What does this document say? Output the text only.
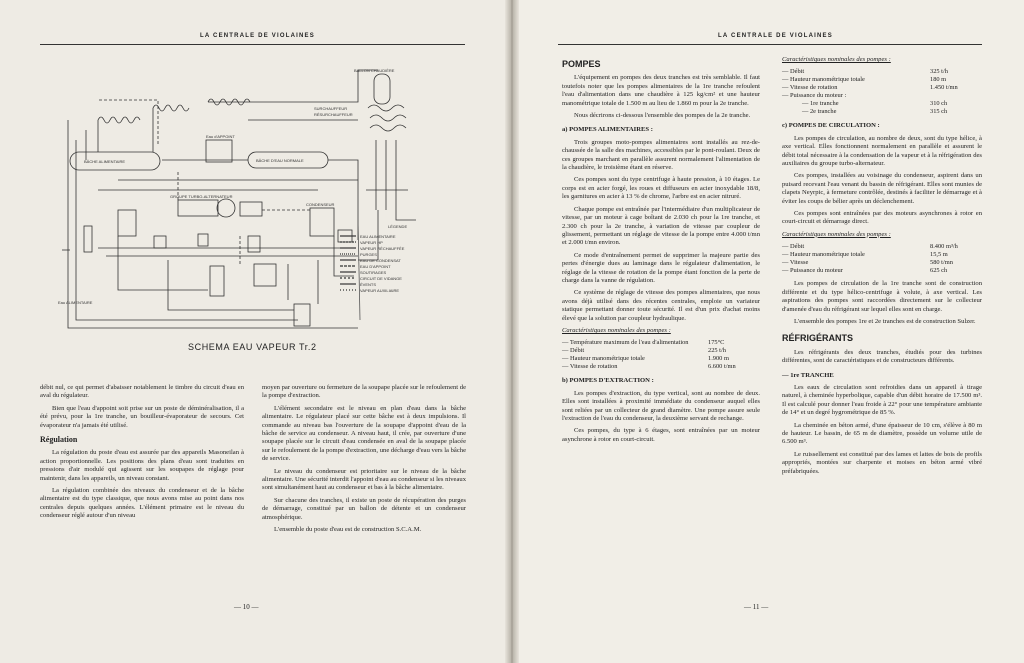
LA CENTRALE DE VIOLAINES
BALLON CHAUDIÈRE
SURCHAUFFEUR
RÉSURCHAUFFEUR
BÂCHE ALIMENTAIRE	BÂCHE D'EAU NORMALE
Eau d'APPOINT
GROUPE TURBO-ALTERNATEUR
CONDENSEUR
Eau ALIMENTAIRE
LÉGENDE
EAU ALIMENTAIRE
VAPEUR HP
VAPEUR RÉCHAUFFÉE
PURGES
EAU DE CONDENSAT
EAU D'APPOINT
SOUTIRAGES
CIRCUIT DE VIDANGE
ÉVENTS
VAPEUR AUXILIAIRE
SCHEMA EAU VAPEUR Tr.2

débit nul, ce qui permet d'abaisser notablement le timbre du circuit d'eau en aval du régulateur.

Bien que l'eau d'appoint soit prise sur un poste de déminéralisation, il a été prévu, pour la 1re tranche, un bouilleur-évaporateur de secours. Cet évaporateur n'a jamais été utilisé.

Régulation

La régulation du poste d'eau est assurée par des appareils Masoneilan à action proportionnelle. Les positions des plans d'eau sont traduites en pressions d'air modulé qui agissent sur les soupapes de réglage pour maintenir, dans les appareils, un niveau constant.

La régulation combinée des niveaux du condenseur et de la bâche alimentaire est du type classique, que nous avons mise au point dans nos centrales depuis quelques années. L'élément primaire est le niveau du condenseur réglé autour d'un niveau

moyen par ouverture ou fermeture de la soupape placée sur le refoulement de la pompe d'extraction.

L'élément secondaire est le niveau en plan d'eau dans la bâche alimentaire. Le régulateur placé sur cette bâche est à deux impulsions. Il commande au niveau bas l'ouverture de la soupape d'appoint d'eau de la bâche de service au condenseur. A niveau haut, il crée, par ouverture d'une soupape placée sur le circuit d'eau condensée en aval de la soupape placée sur le refoulement de la pompe d'extraction, une décharge d'eau vers la bâche de service.

Le niveau du condenseur est prioritaire sur le niveau de la bâche alimentaire. Une sécurité interdit l'appoint d'eau au condenseur si les niveaux sont simultanément haut au condenseur et bas à la bâche alimentaire.

Sur chacune des tranches, il existe un poste de récupération des purges de démarrage, constitué par un ballon de détente et un condenseur atmosphérique.

L'ensemble du poste d'eau est de construction S.C.A.M.

— 10 —
LA CENTRALE DE VIOLAINES
POMPES

L'équipement en pompes des deux tranches est très semblable. Il faut toutefois noter que les pompes alimentaires de la 1re tranche refoulent l'eau d'alimentation dans une chaudière à 125 kg/cm² et une hauteur manométrique totale de 1.500 m au lieu de 1.860 m pour la 2e tranche.

Nous décrirons ci-dessous l'ensemble des pompes de la 2e tranche.

a) POMPES ALIMENTAIRES :

Trois groupes moto-pompes alimentaires sont installés au rez-de-chaussée de la salle des machines, accessibles par le pont-roulant. Deux de ces groupes marchant en parallèle assurent normalement l'alimentation de la chaudière, le troisième étant en réserve.

Ces pompes sont du type centrifuge à haute pression, à 10 étages. Le corps est en acier forgé, les roues et diffuseurs en acier inoxydable 18/8, les garnitures en acier à 13 % de chrome, l'arbre est en acier nitruré.

Chaque pompe est entraînée par l'intermédiaire d'un multiplicateur de vitesse, par un moteur à cage boîtant de 2.030 ch pour la 1re tranche, et 2.300 ch pour la 2e tranche, à variation de vitesse par coupleur de glissement, permettant un réglage de vitesse de la pompe entre 4.000 t/mn et 2.000 t/mn environ.

Ce mode d'entraînement permet de supprimer la majeure partie des pertes d'énergie dues au laminage dans le régulateur d'alimentation, le réglage de la vitesse de rotation de la pompe étant fonction de la perte de charge dans la vanne de régulation.

Ce système de réglage de vitesse des pompes alimentaires, que nous avons déjà utilisé dans des récentes centrales, emploie un variateur statique permettant donner toute sécurité. Il est d'un prix d'achat moins élevé que la solution par coupleur hydraulique.

Caractéristiques nominales des pompes :

— Température maximum de l'eau d'alimentation	175°C
— Débit	225 t/h
— Hauteur manométrique totale	1.900 m
— Vitesse de rotation	6.600 t/mn
b) POMPES D'EXTRACTION :

Les pompes d'extraction, du type vertical, sont au nombre de deux. Elles sont installées à proximité immédiate du condenseur auquel elles sont reliées par un collecteur de grand diamètre. Une pompe assure seule l'extraction de l'eau du condenseur, la deuxième servant de rechange.

Ces pompes, du type à 6 étages, sont entraînées par un moteur asynchrone à rotor en court-circuit.

Caractéristiques nominales des pompes :

— Débit	325 t/h
— Hauteur manométrique totale	180 m
— Vitesse de rotation	1.450 t/mn
— Puissance du moteur :	
— 1re tranche	310 ch
— 2e tranche	315 ch
c) POMPES DE CIRCULATION :

Les pompes de circulation, au nombre de deux, sont du type hélice, à axe vertical. Elles fonctionnent normalement en parallèle et assurent le débit total nécessaire à la condensation de la vapeur et à la réfrigération des auxiliaires du groupe turbo-alternateur.

Ces pompes, installées au voisinage du condenseur, aspirent dans un puisard recevant l'eau venant du bassin de réfrigérant. Elles sont munies de clapets Neyrpic, à fermeture contrôlée, destinés à faciliter le démarrage et à éviter les coups de bélier après un déclenchement.

Ces pompes sont entraînées par des moteurs asynchrones à rotor en court-circuit et démarrage direct.

Caractéristiques nominales des pompes :

— Débit	8.400 m³/h
— Hauteur manométrique totale	15,5 m
— Vitesse	580 t/mn
— Puissance du moteur	625 ch

Les pompes de circulation de la 1re tranche sont de construction différente et du type hélico-centrifuge à volute, à axe vertical. Les aspirations des pompes sont raccordées directement sur le collecteur d'amenée d'eau du réfrigérant sur lequel elles sont en charge.

L'ensemble des pompes 1re et 2e tranches est de construction Sulzer.

RÉFRIGÉRANTS

Les réfrigérants des deux tranches, étudiés pour des turbines différentes, sont de caractéristiques et de constructeurs différents.

— 1re TRANCHE

Les eaux de circulation sont refroidies dans un appareil à tirage naturel, à cheminée hyperbolique, capable d'un débit horaire de 17.500 m³. Il est calculé pour donner l'eau froide à 22° pour une température ambiante de 14° et un degré hygrométrique de 85 %.

La cheminée en béton armé, d'une épaisseur de 10 cm, s'élève à 80 m de hauteur. Le bassin, de 65 m de diamètre, possède un volume utile de 6.500 m³.

Le ruissellement est constitué par des lames et lattes de bois de profils appropriés, montées sur charpente et moises en béton armé vibré préfabriquées.

— 11 —
